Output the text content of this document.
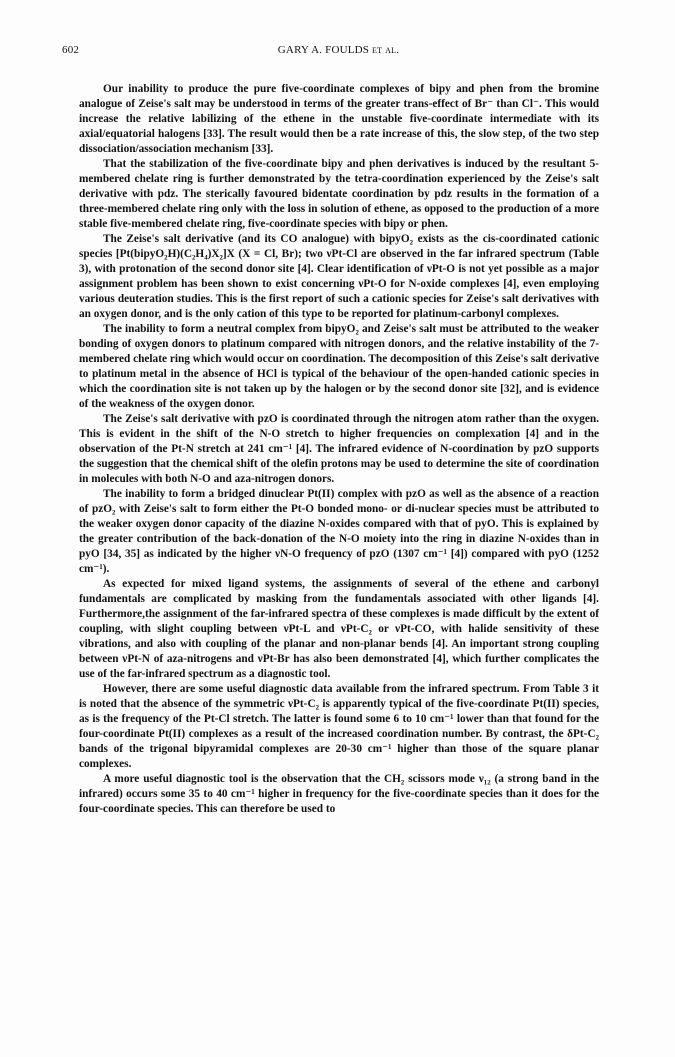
602	GARY A. FOULDS et al.

Our inability to produce the pure five-coordinate complexes of bipy and phen from the bromine analogue of Zeise's salt may be understood in terms of the greater trans-effect of Br⁻ than Cl⁻. This would increase the relative labilizing of the ethene in the unstable five-coordinate intermediate with its axial/equatorial halogens [33]. The result would then be a rate increase of this, the slow step, of the two step dissociation/association mechanism [33].

That the stabilization of the five-coordinate bipy and phen derivatives is induced by the resultant 5-membered chelate ring is further demonstrated by the tetra-coordination experienced by the Zeise's salt derivative with pdz. The sterically favoured bidentate coordination by pdz results in the formation of a three-membered chelate ring only with the loss in solution of ethene, as opposed to the production of a more stable five-membered chelate ring, five-coordinate species with bipy or phen.

The Zeise's salt derivative (and its CO analogue) with bipyO₂ exists as the cis-coordinated cationic species [Pt(bipyO₂H)(C₂H₄)X₂]X (X = Cl, Br); two νPt-Cl are observed in the far infrared spectrum (Table 3), with protonation of the second donor site [4]. Clear identification of νPt-O is not yet possible as a major assignment problem has been shown to exist concerning νPt-O for N-oxide complexes [4], even employing various deuteration studies. This is the first report of such a cationic species for Zeise's salt derivatives with an oxygen donor, and is the only cation of this type to be reported for platinum-carbonyl complexes.

The inability to form a neutral complex from bipyO₂ and Zeise's salt must be attributed to the weaker bonding of oxygen donors to platinum compared with nitrogen donors, and the relative instability of the 7-membered chelate ring which would occur on coordination. The decomposition of this Zeise's salt derivative to platinum metal in the absence of HCl is typical of the behaviour of the open-handed cationic species in which the coordination site is not taken up by the halogen or by the second donor site [32], and is evidence of the weakness of the oxygen donor.

The Zeise's salt derivative with pzO is coordinated through the nitrogen atom rather than the oxygen. This is evident in the shift of the N-O stretch to higher frequencies on complexation [4] and in the observation of the Pt-N stretch at 241 cm⁻¹ [4]. The infrared evidence of N-coordination by pzO supports the suggestion that the chemical shift of the olefin protons may be used to determine the site of coordination in molecules with both N-O and aza-nitrogen donors.

The inability to form a bridged dinuclear Pt(II) complex with pzO as well as the absence of a reaction of pzO₂ with Zeise's salt to form either the Pt-O bonded mono- or di-nuclear species must be attributed to the weaker oxygen donor capacity of the diazine N-oxides compared with that of pyO. This is explained by the greater contribution of the back-donation of the N-O moiety into the ring in diazine N-oxides than in pyO [34, 35] as indicated by the higher νN-O frequency of pzO (1307 cm⁻¹ [4]) compared with pyO (1252 cm⁻¹).

As expected for mixed ligand systems, the assignments of several of the ethene and carbonyl fundamentals are complicated by masking from the fundamentals associated with other ligands [4]. Furthermore,the assignment of the far-infrared spectra of these complexes is made difficult by the extent of coupling, with slight coupling between νPt-L and νPt-C₂ or νPt-CO, with halide sensitivity of these vibrations, and also with coupling of the planar and non-planar bends [4]. An important strong coupling between νPt-N of aza-nitrogens and νPt-Br has also been demonstrated [4], which further complicates the use of the far-infrared spectrum as a diagnostic tool.

However, there are some useful diagnostic data available from the infrared spectrum. From Table 3 it is noted that the absence of the symmetric νPt-C₂ is apparently typical of the five-coordinate Pt(II) species, as is the frequency of the Pt-Cl stretch. The latter is found some 6 to 10 cm⁻¹ lower than that found for the four-coordinate Pt(II) complexes as a result of the increased coordination number. By contrast, the δPt-C₂ bands of the trigonal bipyramidal complexes are 20-30 cm⁻¹ higher than those of the square planar complexes.

A more useful diagnostic tool is the observation that the CH₂ scissors mode ν₁₂ (a strong band in the infrared) occurs some 35 to 40 cm⁻¹ higher in frequency for the five-coordinate species than it does for the four-coordinate species. This can therefore be used to
